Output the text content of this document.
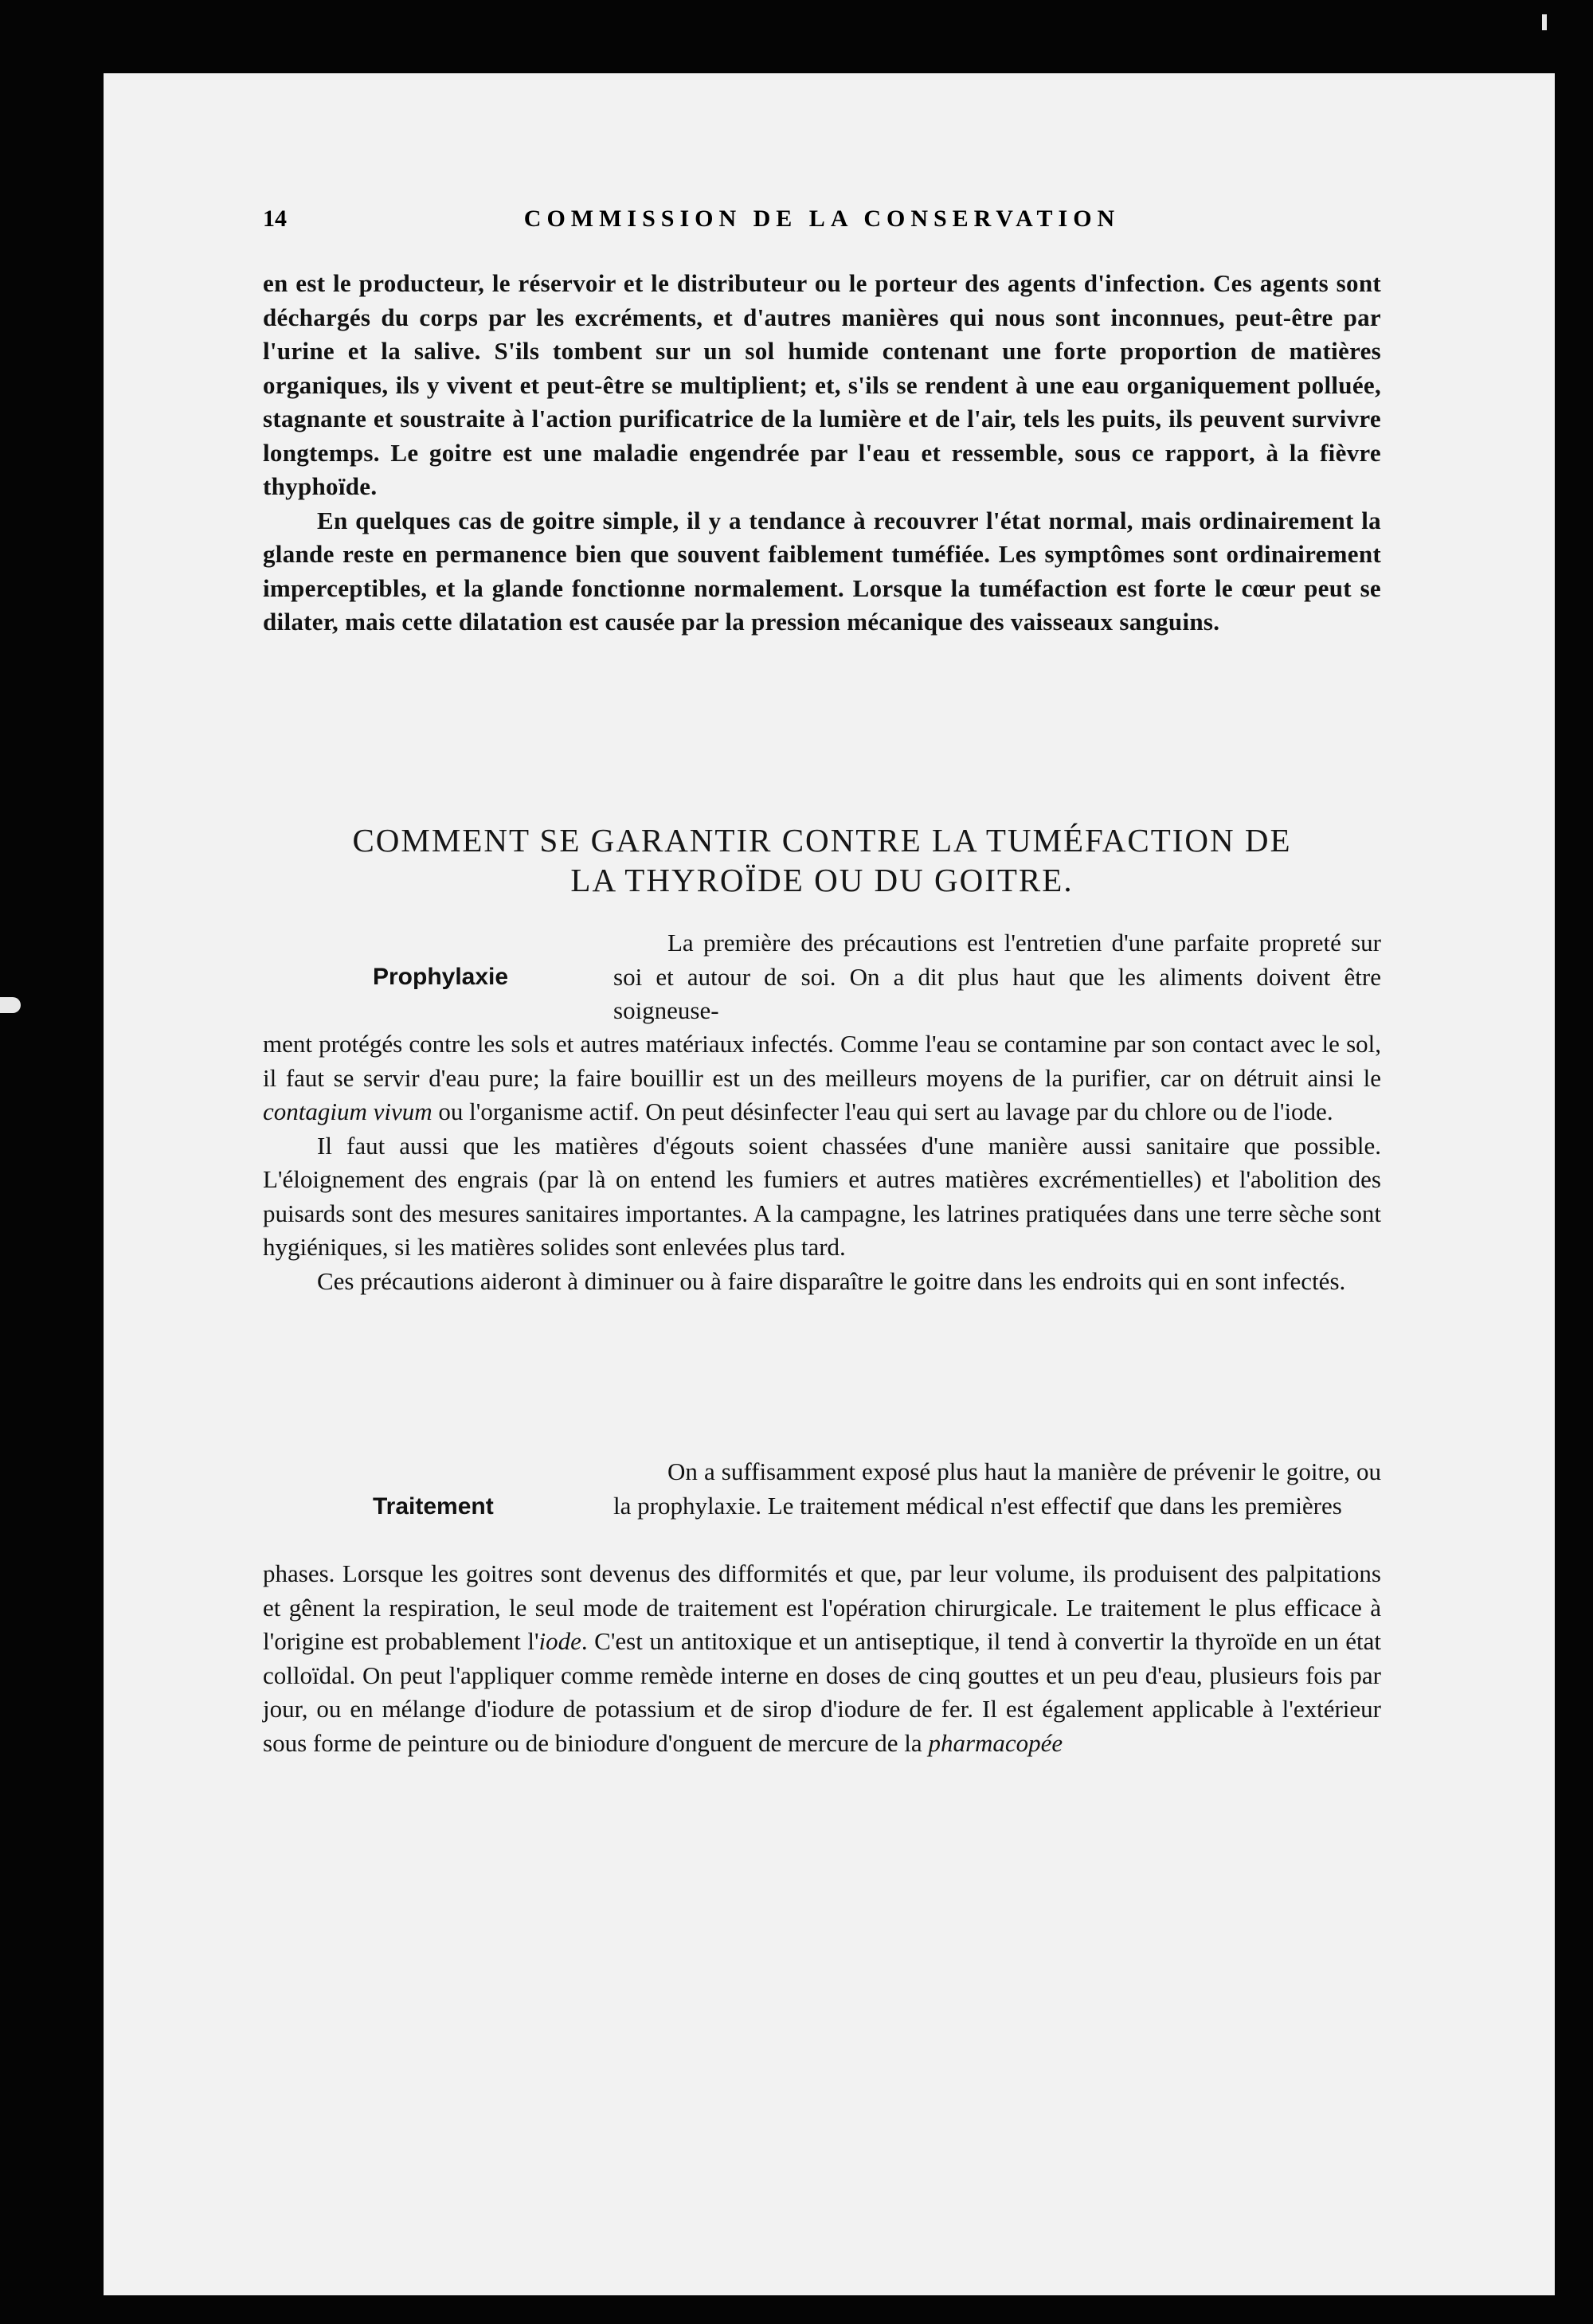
14	COMMISSION DE LA CONSERVATION

en est le producteur, le réservoir et le distributeur ou le porteur des agents d'infection. Ces agents sont déchargés du corps par les excréments, et d'autres manières qui nous sont inconnues, peut-être par l'urine et la salive. S'ils tombent sur un sol humide contenant une forte proportion de matières organiques, ils y vivent et peut-être se multiplient; et, s'ils se rendent à une eau organiquement polluée, stagnante et soustraite à l'action purificatrice de la lumière et de l'air, tels les puits, ils peuvent survivre longtemps. Le goitre est une maladie engendrée par l'eau et ressemble, sous ce rapport, à la fièvre thyphoïde.

En quelques cas de goitre simple, il y a tendance à recouvrer l'état normal, mais ordinairement la glande reste en permanence bien que souvent faiblement tuméfiée. Les symptômes sont ordinairement imperceptibles, et la glande fonctionne normalement. Lorsque la tuméfaction est forte le cœur peut se dilater, mais cette dilatation est causée par la pression mécanique des vaisseaux sanguins.

COMMENT SE GARANTIR CONTRE LA TUMÉFACTION DE
LA THYROÏDE OU DU GOITRE.
Prophylaxie

La première des précautions est l'entretien d'une parfaite propreté sur soi et autour de soi. On a dit plus haut que les aliments doivent être soigneuse-

ment protégés contre les sols et autres matériaux infectés. Comme l'eau se contamine par son contact avec le sol, il faut se servir d'eau pure; la faire bouillir est un des meilleurs moyens de la purifier, car on détruit ainsi le contagium vivum ou l'organisme actif. On peut désinfecter l'eau qui sert au lavage par du chlore ou de l'iode.

Il faut aussi que les matières d'égouts soient chassées d'une manière aussi sanitaire que possible. L'éloignement des engrais (par là on entend les fumiers et autres matières excrémentielles) et l'abolition des puisards sont des mesures sanitaires importantes. A la campagne, les latrines pratiquées dans une terre sèche sont hygiéniques, si les matières solides sont enlevées plus tard.

Ces précautions aideront à diminuer ou à faire disparaître le goitre dans les endroits qui en sont infectés.

Traitement

On a suffisamment exposé plus haut la manière de prévenir le goitre, ou la prophylaxie. Le traitement médical n'est effectif que dans les premières

phases. Lorsque les goitres sont devenus des difformités et que, par leur volume, ils produisent des palpitations et gênent la respiration, le seul mode de traitement est l'opération chirurgicale. Le traitement le plus efficace à l'origine est probablement l'iode. C'est un antitoxique et un antiseptique, il tend à convertir la thyroïde en un état colloïdal. On peut l'appliquer comme remède interne en doses de cinq gouttes et un peu d'eau, plusieurs fois par jour, ou en mélange d'iodure de potassium et de sirop d'iodure de fer. Il est également applicable à l'extérieur sous forme de peinture ou de biniodure d'onguent de mercure de la pharmacopée
